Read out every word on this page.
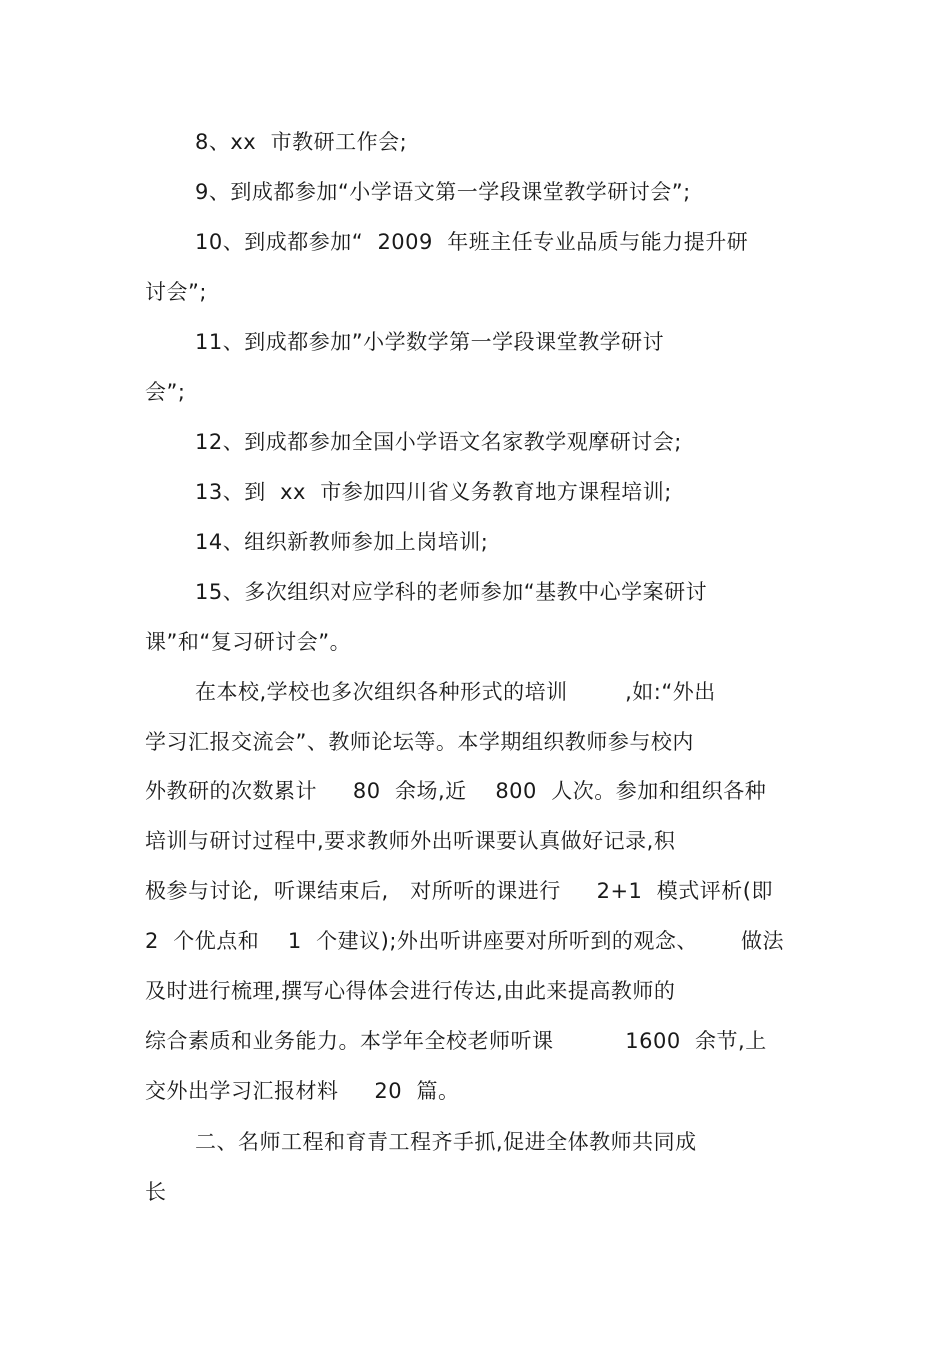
8、xx  市教研工作会;
9、到成都参加“小学语文第一学段课堂教学研讨会”;
10、到成都参加“  2009  年班主任专业品质与能力提升研
讨会”;
11、到成都参加”小学数学第一学段课堂教学研讨
会”;
12、到成都参加全国小学语文名家教学观摩研讨会;
13、到  xx  市参加四川省义务教育地方课程培训;
14、组织新教师参加上岗培训;
15、多次组织对应学科的老师参加“基教中心学案研讨
课”和“复习研讨会”。
在本校,学校也多次组织各种形式的培训        ,如:“外出
学习汇报交流会”、教师论坛等。本学期组织教师参与校内
外教研的次数累计     80  余场,近    800  人次。参加和组织各种
培训与研讨过程中,要求教师外出听课要认真做好记录,积
极参与讨论,  听课结束后,   对所听的课进行     2+1  模式评析(即
2  个优点和    1  个建议);外出听讲座要对所听到的观念、      做法
及时进行梳理,撰写心得体会进行传达,由此来提高教师的
综合素质和业务能力。本学年全校老师听课          1600  余节,上
交外出学习汇报材料     20  篇。
二、名师工程和育青工程齐手抓,促进全体教师共同成
长
